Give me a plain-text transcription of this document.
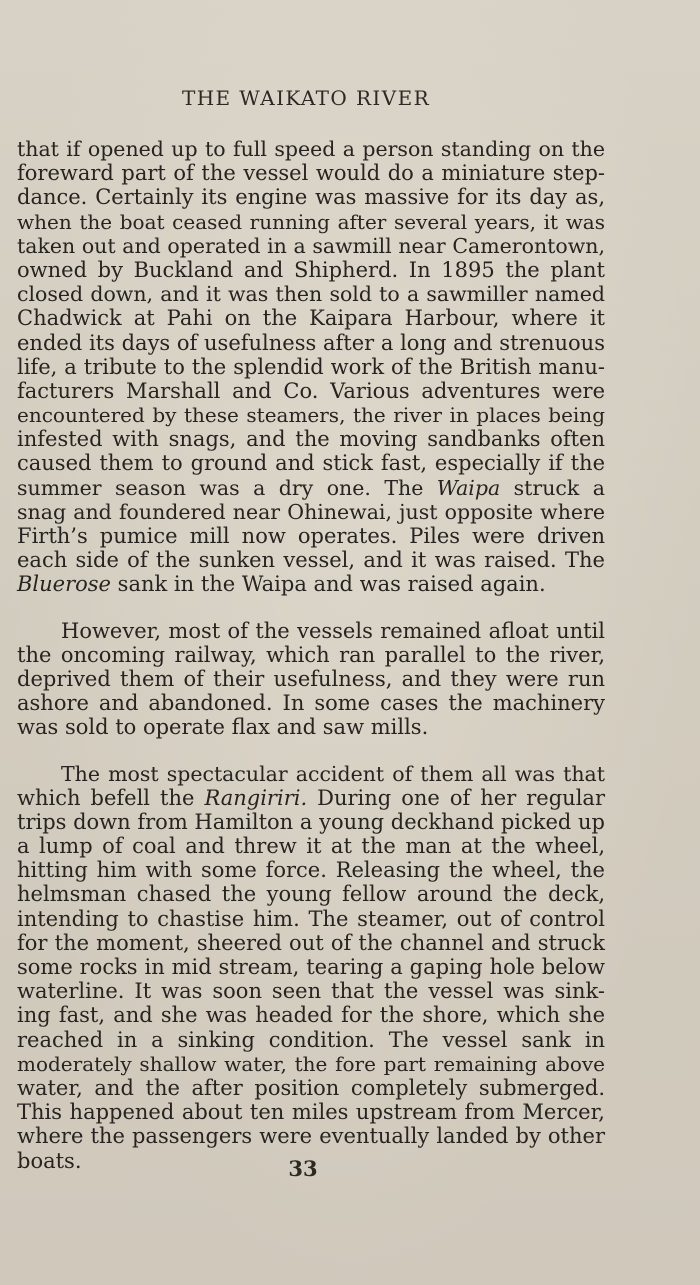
THE WAIKATO RIVER
that if opened up to full speed a person standing on the
foreward part of the vessel would do a miniature step-
dance. Certainly its engine was massive for its day as,
when the boat ceased running after several years, it was
taken out and operated in a sawmill near Camerontown,
owned by Buckland and Shipherd. In 1895 the plant
closed down, and it was then sold to a sawmiller named
Chadwick at Pahi on the Kaipara Harbour, where it
ended its days of usefulness after a long and strenuous
life, a tribute to the splendid work of the British manu-
facturers Marshall and Co. Various adventures were
encountered by these steamers, the river in places being
infested with snags, and the moving sandbanks often
caused them to ground and stick fast, especially if the
summer season was a dry one. The Waipa struck a
snag and foundered near Ohinewai, just opposite where
Firth’s pumice mill now operates. Piles were driven
each side of the sunken vessel, and it was raised. The
Bluerose sank in the Waipa and was raised again.
However, most of the vessels remained afloat until
the oncoming railway, which ran parallel to the river,
deprived them of their usefulness, and they were run
ashore and abandoned. In some cases the machinery
was sold to operate flax and saw mills.
The most spectacular accident of them all was that
which befell the Rangiriri. During one of her regular
trips down from Hamilton a young deckhand picked up
a lump of coal and threw it at the man at the wheel,
hitting him with some force. Releasing the wheel, the
helmsman chased the young fellow around the deck,
intending to chastise him. The steamer, out of control
for the moment, sheered out of the channel and struck
some rocks in mid stream, tearing a gaping hole below
waterline. It was soon seen that the vessel was sink-
ing fast, and she was headed for the shore, which she
reached in a sinking condition. The vessel sank in
moderately shallow water, the fore part remaining above
water, and the after position completely submerged.
This happened about ten miles upstream from Mercer,
where the passengers were eventually landed by other
boats.	33
